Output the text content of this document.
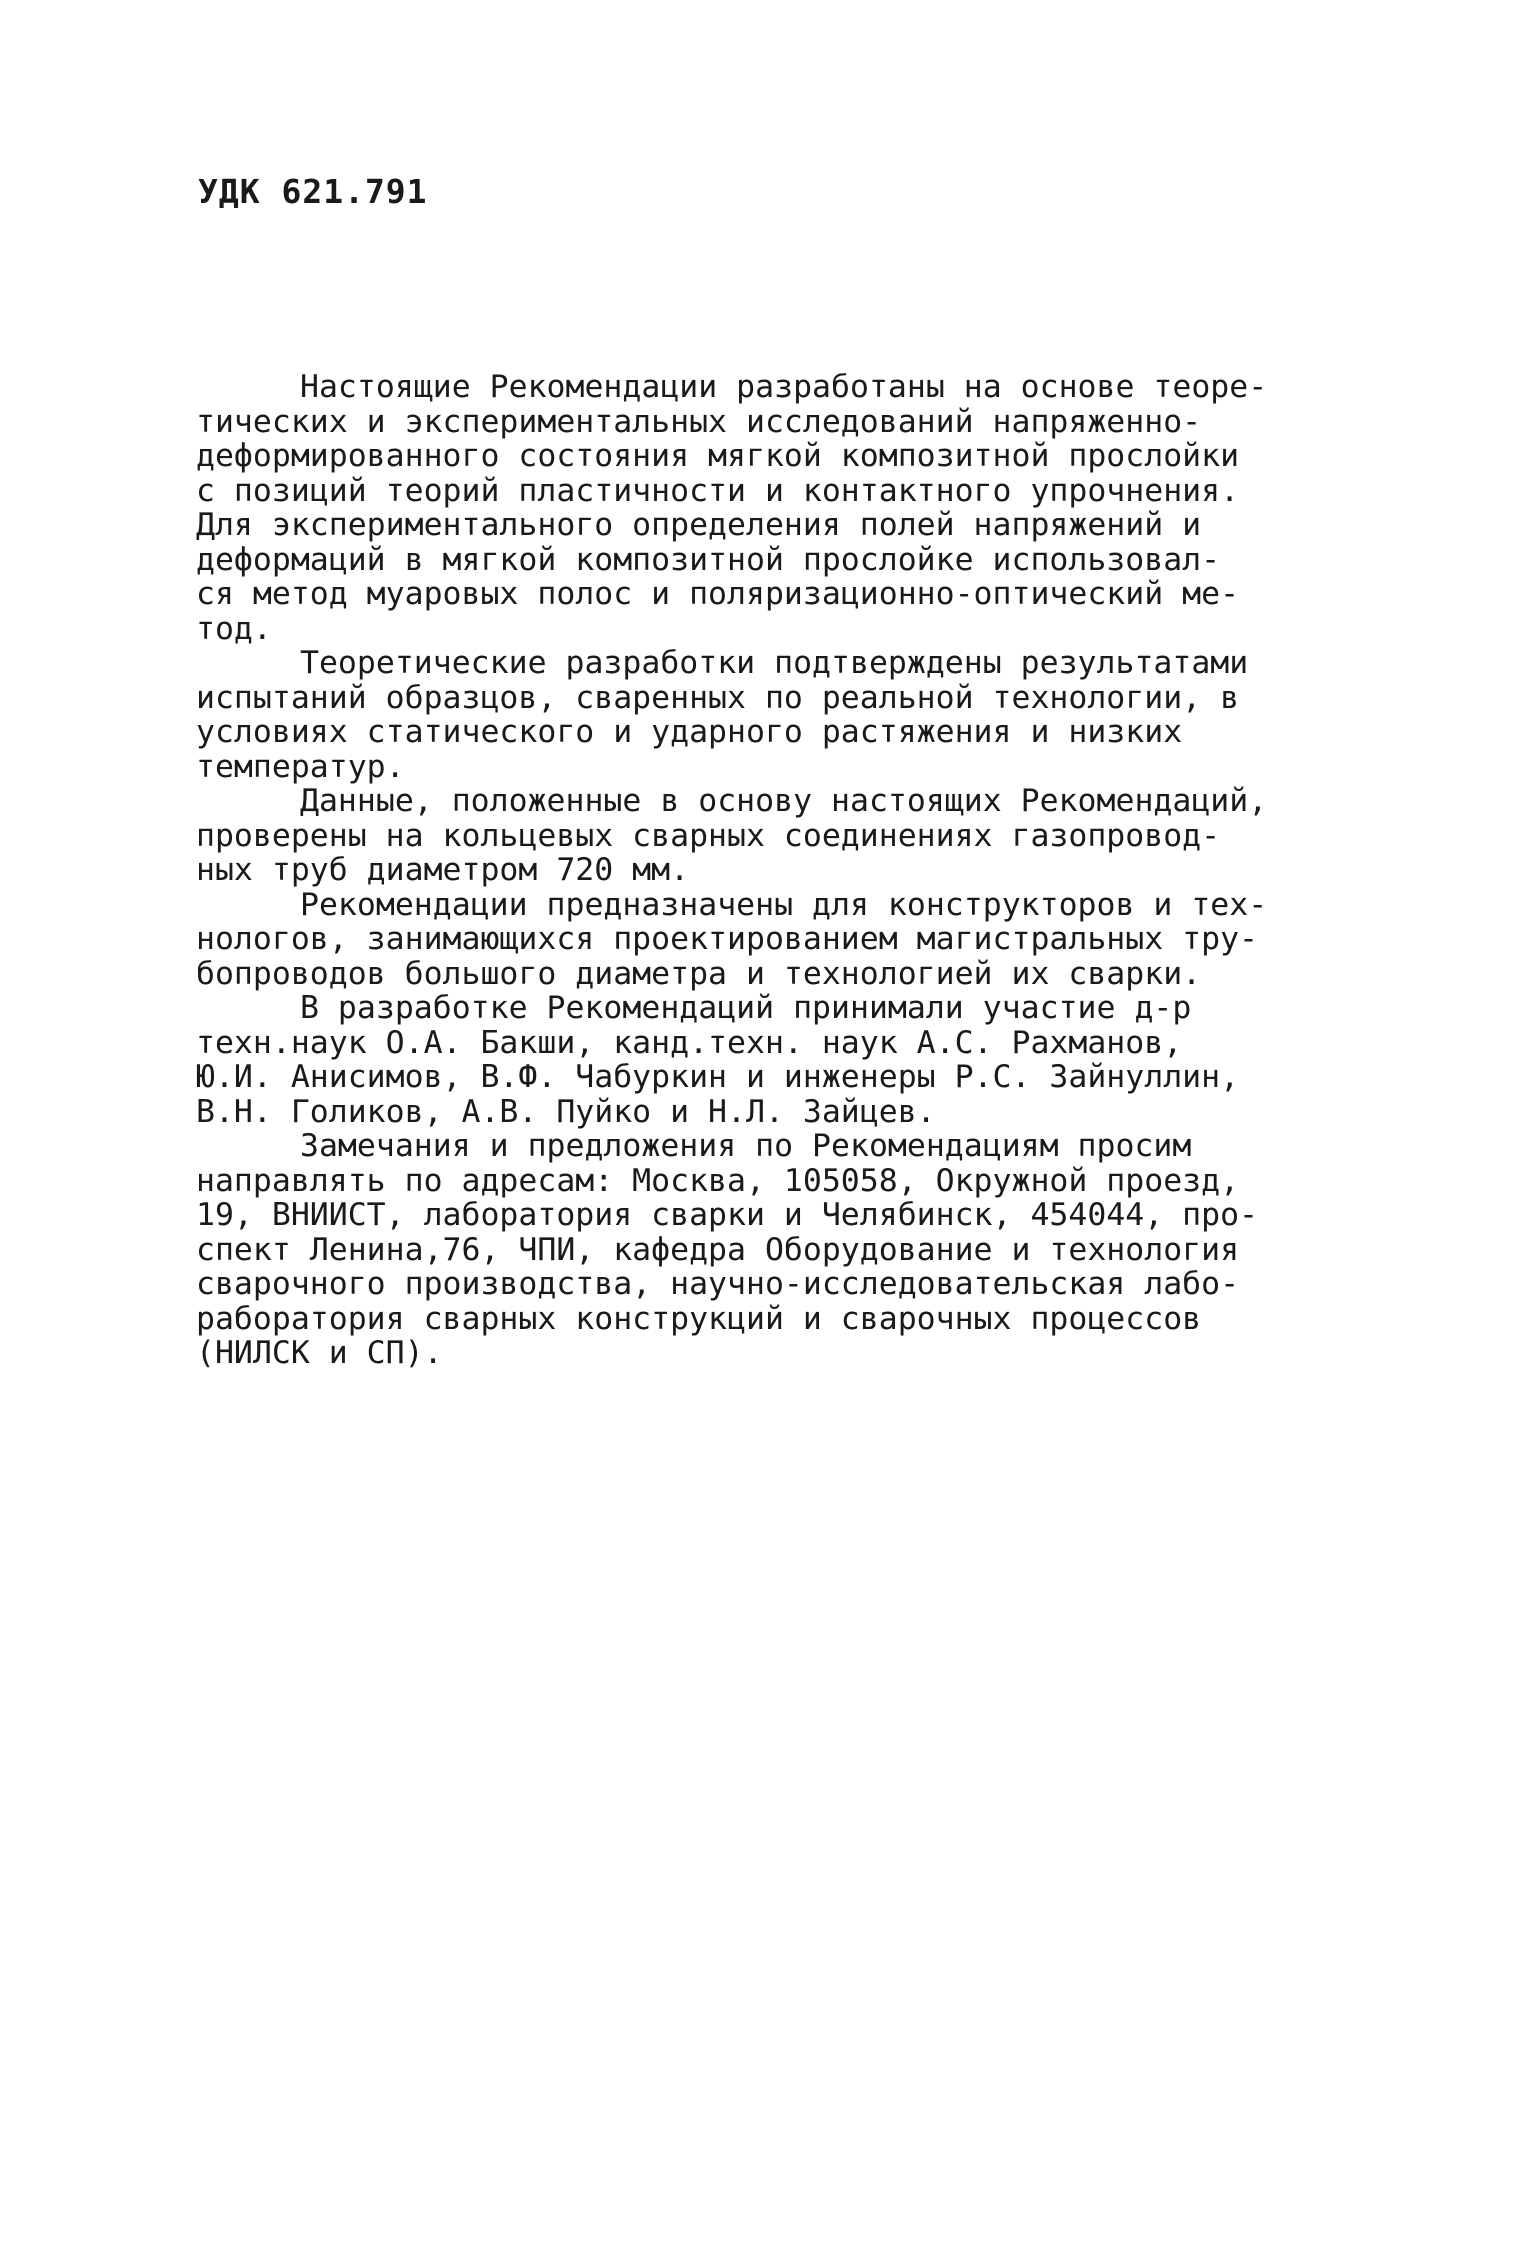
УДК 621.791
Настоящие Рекомендации разработаны на основе теоре-
тических и экспериментальных исследований напряженно-
деформированного состояния мягкой композитной прослойки
с позиций теорий пластичности и контактного упрочнения.
Для экспериментального определения полей напряжений и
деформаций в мягкой композитной прослойке использовал-
ся метод муаровых полос и поляризационно-оптический ме-
тод.
Теоретические разработки подтверждены результатами
испытаний образцов, сваренных по реальной технологии, в
условиях статического и ударного растяжения и низких
температур.
Данные, положенные в основу настоящих Рекомендаций,
проверены на кольцевых сварных соединениях газопровод-
ных труб диаметром 720 мм.
Рекомендации предназначены для конструкторов и тех-
нологов, занимающихся проектированием магистральных тру-
бопроводов большого диаметра и технологией их сварки.
В разработке Рекомендаций принимали участие д-р
техн.наук О.А. Бакши, канд.техн. наук А.С. Рахманов,
Ю.И. Анисимов, В.Ф. Чабуркин и инженеры Р.С. Зайнуллин,
В.Н. Голиков, А.В. Пуйко и Н.Л. Зайцев.
Замечания и предложения по Рекомендациям просим
направлять по адресам: Москва, 105058, Окружной проезд,
19, ВНИИСТ, лаборатория сварки и Челябинск, 454044, про-
спект Ленина,76, ЧПИ, кафедра Оборудование и технология
сварочного производства, научно-исследовательская лабо-
раборатория сварных конструкций и сварочных процессов
(НИЛСК и СП).
